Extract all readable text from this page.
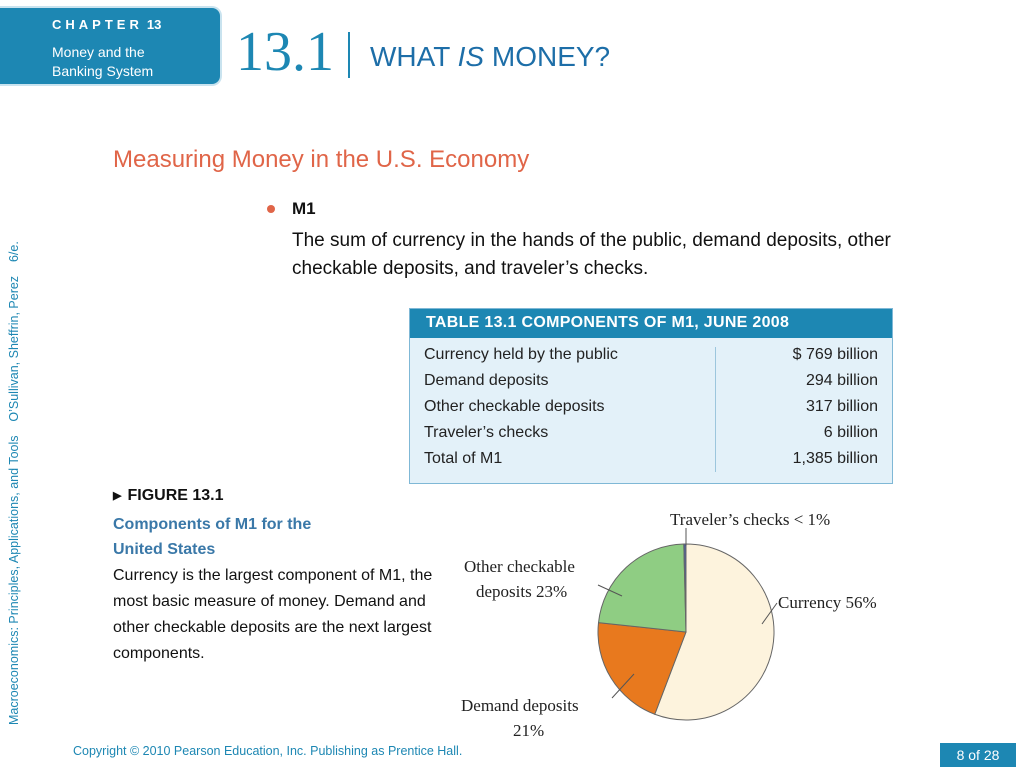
CHAPTER 13
Money and the
Banking System	13.1 WHAT IS MONEY?
Macroeconomics: Principles, Applications, and Tools    O’Sullivan, Sheffrin, Perez    6/e.
Measuring Money in the U.S. Economy
M1
The sum of currency in the hands of the public, demand deposits, other checkable deposits, and traveler’s checks.
TABLE 13.1 COMPONENTS OF M1, JUNE 2008
Currency held by the public	$ 769 billion
Demand deposits	294 billion
Other checkable deposits	317 billion
Traveler’s checks	6 billion
Total of M1	1,385 billion
▶ FIGURE 13.1
Components of M1 for the
United States
Currency is the largest component of M1, the most basic measure of money. Demand and other checkable deposits are the next largest components.
Traveler’s checks < 1%
Currency 56%
Other checkable
deposits 23%
Demand deposits
21%
Copyright © 2010 Pearson Education, Inc. Publishing as Prentice Hall.	8 of 28
